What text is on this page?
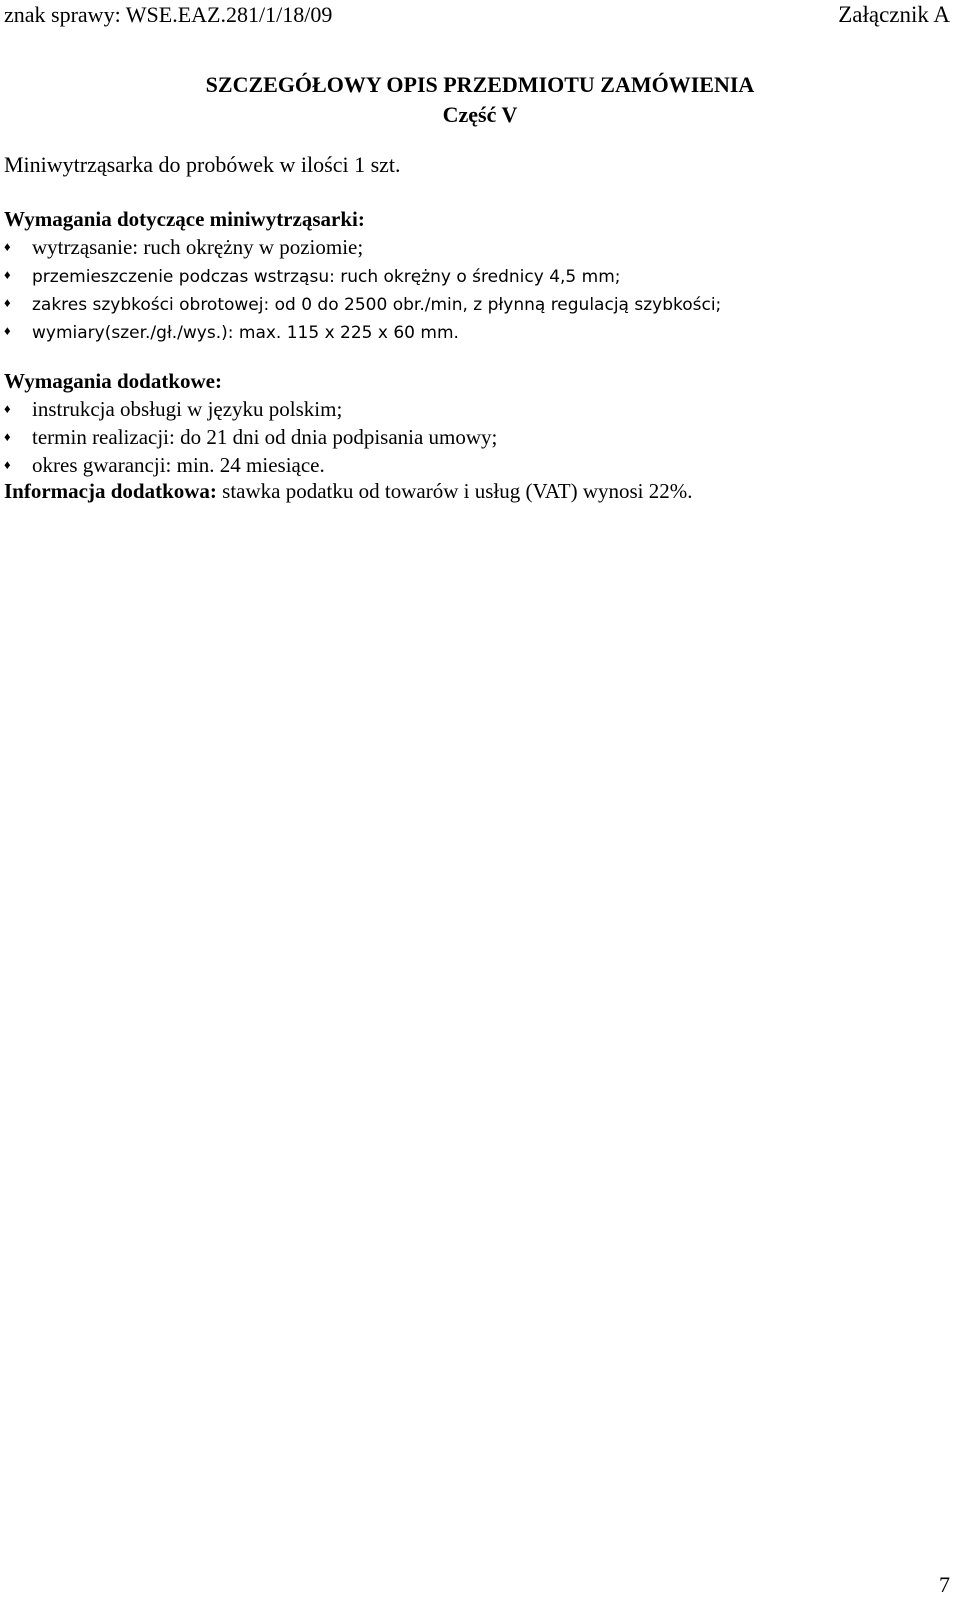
znak sprawy: WSE.EAZ.281/1/18/09	Załącznik A
SZCZEGÓŁOWY OPIS PRZEDMIOTU ZAMÓWIENIA
Część V
Miniwytrząsarka do probówek w ilości 1 szt.
Wymagania dotyczące miniwytrząsarki:
♦ wytrząsanie: ruch okrężny w poziomie;
♦ przemieszczenie podczas wstrząsu: ruch okrężny o średnicy 4,5 mm;
♦ zakres szybkości obrotowej: od 0 do 2500 obr./min, z płynną regulacją szybkości;
♦ wymiary(szer./gł./wys.): max. 115 x 225 x 60 mm.
Wymagania dodatkowe:
♦ instrukcja obsługi w języku polskim;
♦ termin realizacji: do 21 dni od dnia podpisania umowy;
♦ okres gwarancji: min. 24 miesiące.
Informacja dodatkowa: stawka podatku od towarów i usług (VAT) wynosi 22%.
7
